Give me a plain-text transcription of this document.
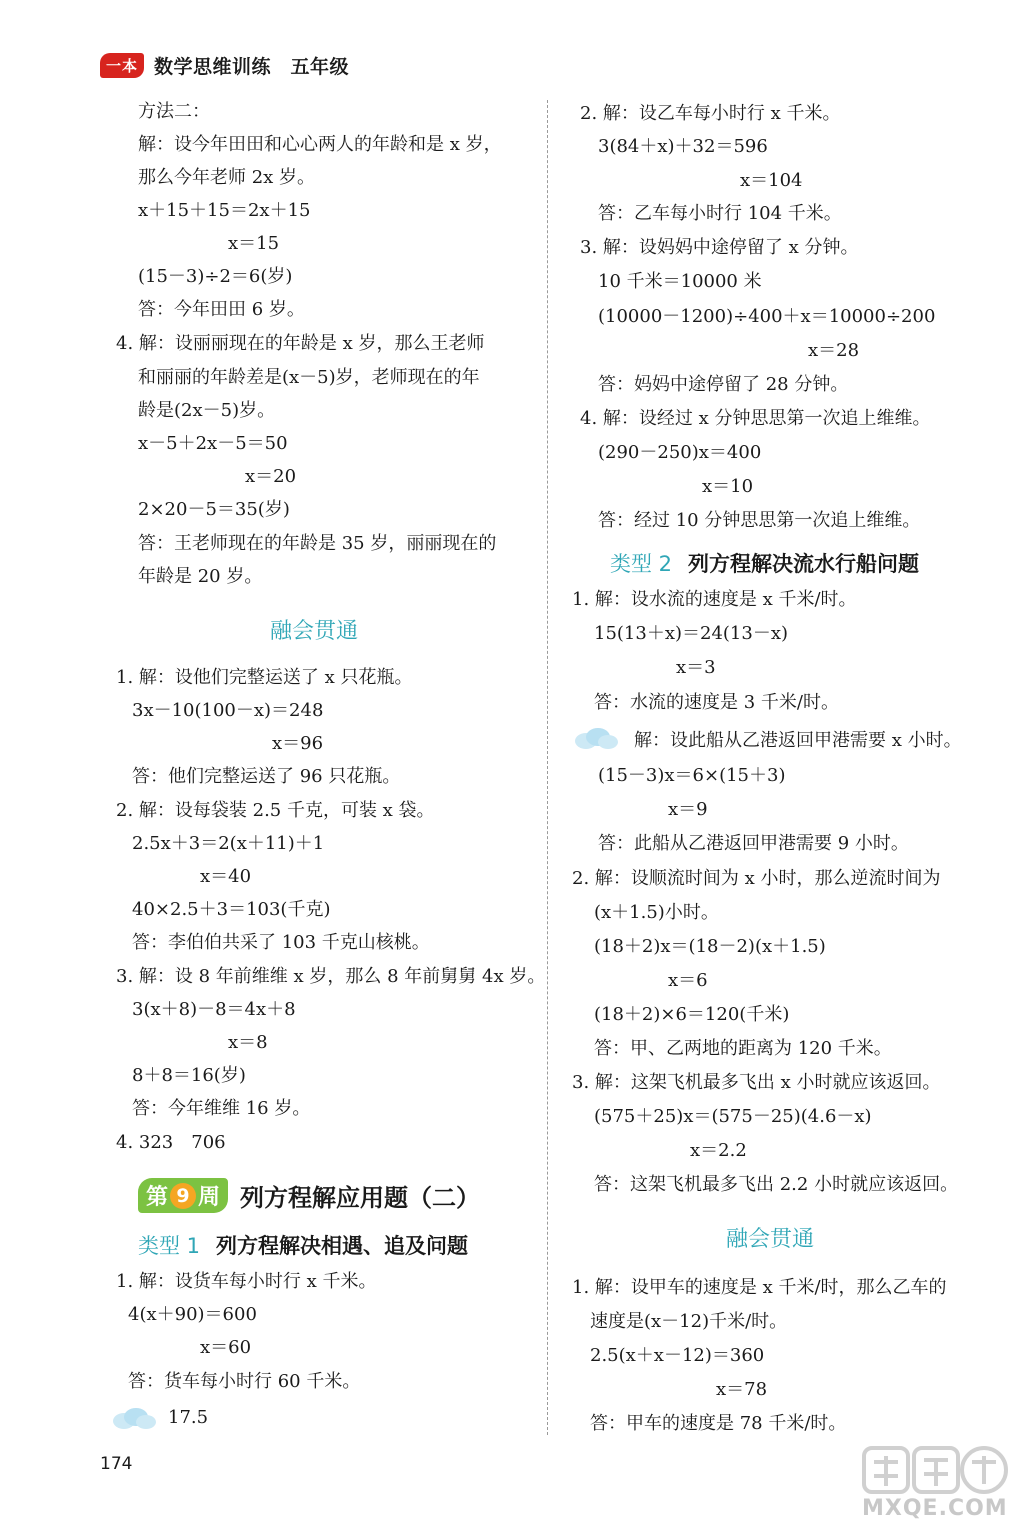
一本 数学思维训练　五年级
方法二：
解：设今年田田和心心两人的年龄和是 x 岁，
那么今年老师 2x 岁。
x＋15＋15＝2x＋15
x＝15
(15－3)÷2＝6(岁)
答：今年田田 6 岁。
4. 解：设丽丽现在的年龄是 x 岁，那么王老师
和丽丽的年龄差是(x－5)岁，老师现在的年
龄是(2x－5)岁。
x－5＋2x－5＝50
x＝20
2×20－5＝35(岁)
答：王老师现在的年龄是 35 岁，丽丽现在的
年龄是 20 岁。
融会贯通
1. 解：设他们完整运送了 x 只花瓶。
3x－10(100－x)＝248
x＝96
答：他们完整运送了 96 只花瓶。
2. 解：设每袋装 2.5 千克，可装 x 袋。
2.5x＋3＝2(x＋11)＋1
x＝40
40×2.5＋3＝103(千克)
答：李伯伯共采了 103 千克山核桃。
3. 解：设 8 年前维维 x 岁，那么 8 年前舅舅 4x 岁。
3(x＋8)－8＝4x＋8
x＝8
8＋8＝16(岁)
答：今年维维 16 岁。
4. 323　706
第 9 周 列方程解应用题（二）
类型 1 列方程解决相遇、追及问题
1. 解：设货车每小时行 x 千米。
4(x＋90)＝600
x＝60
答：货车每小时行 60 千米。
17.5
2. 解：设乙车每小时行 x 千米。
3(84＋x)＋32＝596
x＝104
答：乙车每小时行 104 千米。
3. 解：设妈妈中途停留了 x 分钟。
10 千米＝10000 米
(10000－1200)÷400＋x＝10000÷200
x＝28
答：妈妈中途停留了 28 分钟。
4. 解：设经过 x 分钟思思第一次追上维维。
(290－250)x＝400
x＝10
答：经过 10 分钟思思第一次追上维维。
类型 2 列方程解决流水行船问题
1. 解：设水流的速度是 x 千米/时。
15(13＋x)＝24(13－x)
x＝3
答：水流的速度是 3 千米/时。
解：设此船从乙港返回甲港需要 x 小时。
(15－3)x＝6×(15＋3)
x＝9
答：此船从乙港返回甲港需要 9 小时。
2. 解：设顺流时间为 x 小时，那么逆流时间为
(x＋1.5)小时。
(18＋2)x＝(18－2)(x＋1.5)
x＝6
(18＋2)×6＝120(千米)
答：甲、乙两地的距离为 120 千米。
3. 解：这架飞机最多飞出 x 小时就应该返回。
(575＋25)x＝(575－25)(4.6－x)
x＝2.2
答：这架飞机最多飞出 2.2 小时就应该返回。
融会贯通
1. 解：设甲车的速度是 x 千米/时，那么乙车的
速度是(x－12)千米/时。
2.5(x＋x－12)＝360
x＝78
答：甲车的速度是 78 千米/时。
174
MXQE.COM
